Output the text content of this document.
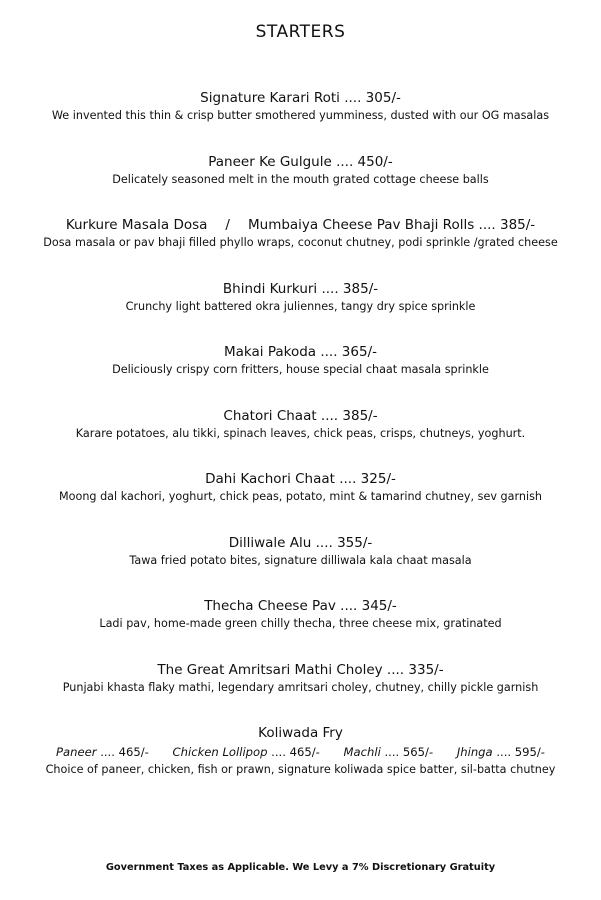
STARTERS
Signature Karari Roti .... 305/-
We invented this thin & crisp butter smothered yumminess, dusted with our OG masalas
Paneer Ke Gulgule .... 450/-
Delicately seasoned melt in the mouth grated cottage cheese balls
Kurkure Masala Dosa / Mumbaiya Cheese Pav Bhaji Rolls .... 385/-
Dosa masala or pav bhaji filled phyllo wraps, coconut chutney, podi sprinkle /grated cheese
Bhindi Kurkuri .... 385/-
Crunchy light battered okra juliennes, tangy dry spice sprinkle
Makai Pakoda .... 365/-
Deliciously crispy corn fritters, house special chaat masala sprinkle
Chatori Chaat .... 385/-
Karare potatoes, alu tikki, spinach leaves, chick peas, crisps, chutneys, yoghurt.
Dahi Kachori Chaat .... 325/-
Moong dal kachori, yoghurt, chick peas, potato, mint & tamarind chutney, sev garnish
Dilliwale Alu .... 355/-
Tawa fried potato bites, signature dilliwala kala chaat masala
Thecha Cheese Pav .... 345/-
Ladi pav, home-made green chilly thecha, three cheese mix, gratinated
The Great Amritsari Mathi Choley .... 335/-
Punjabi khasta flaky mathi, legendary amritsari choley, chutney, chilly pickle garnish
Koliwada Fry
Paneer .... 465/- Chicken Lollipop .... 465/- Machli .... 565/- Jhinga .... 595/-
Choice of paneer, chicken, fish or prawn, signature koliwada spice batter, sil-batta chutney
Government Taxes as Applicable. We Levy a 7% Discretionary Gratuity
